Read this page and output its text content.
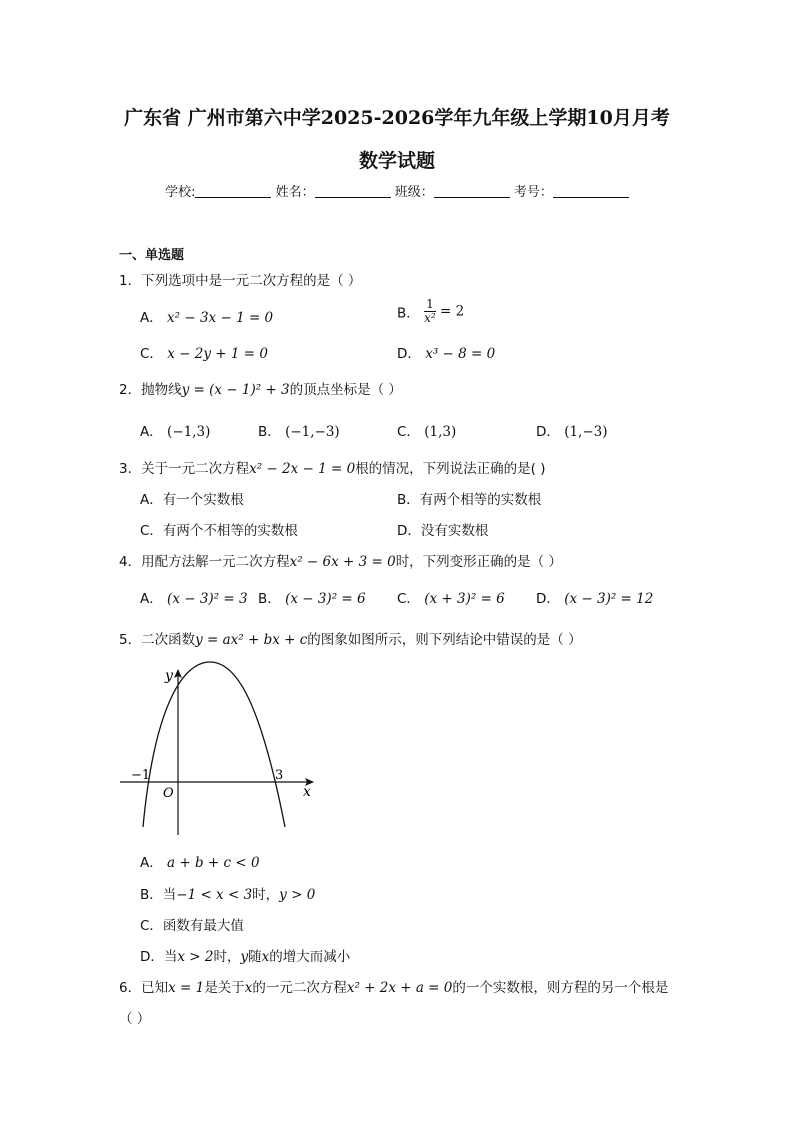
广东省 广州市第六中学2025-2026学年九年级上学期10月月考
数学试题
学校:	姓名：	班级：	考号：
一、单选题
1．下列选项中是一元二次方程的是（ ）
A． x² − 3x − 1 = 0	B． $\frac{1}{\text{x²}} = 2$
C． x − 2y + 1 = 0	D． x³ − 8 = 0
2．抛物线y = (x − 1)² + 3的顶点坐标是（ ）
A． (−1,3)	B． (−1,−3)	C． (1,3)	D． (1,−3)
3．关于一元二次方程x² − 2x − 1 = 0根的情况，下列说法正确的是( )
A．有一个实数根	B．有两个相等的实数根
C．有两个不相等的实数根	D．没有实数根
4．用配方法解一元二次方程x² − 6x + 3 = 0时，下列变形正确的是（ ）
A． (x − 3)² = 3 B． (x − 3)² = 6 C． (x + 3)² = 6 D． (x − 3)² = 12
5．二次函数y = ax² + bx + c的图象如图所示，则下列结论中错误的是（ ）
y
x
O
−1	3
A． a + b + c < 0
B．当−1 < x < 3时，y > 0
C．函数有最大值
D．当x > 2时，y随x的增大而减小
6．已知x = 1是关于x的一元二次方程x² + 2x + a = 0的一个实数根，则方程的另一个根是
（ ）
